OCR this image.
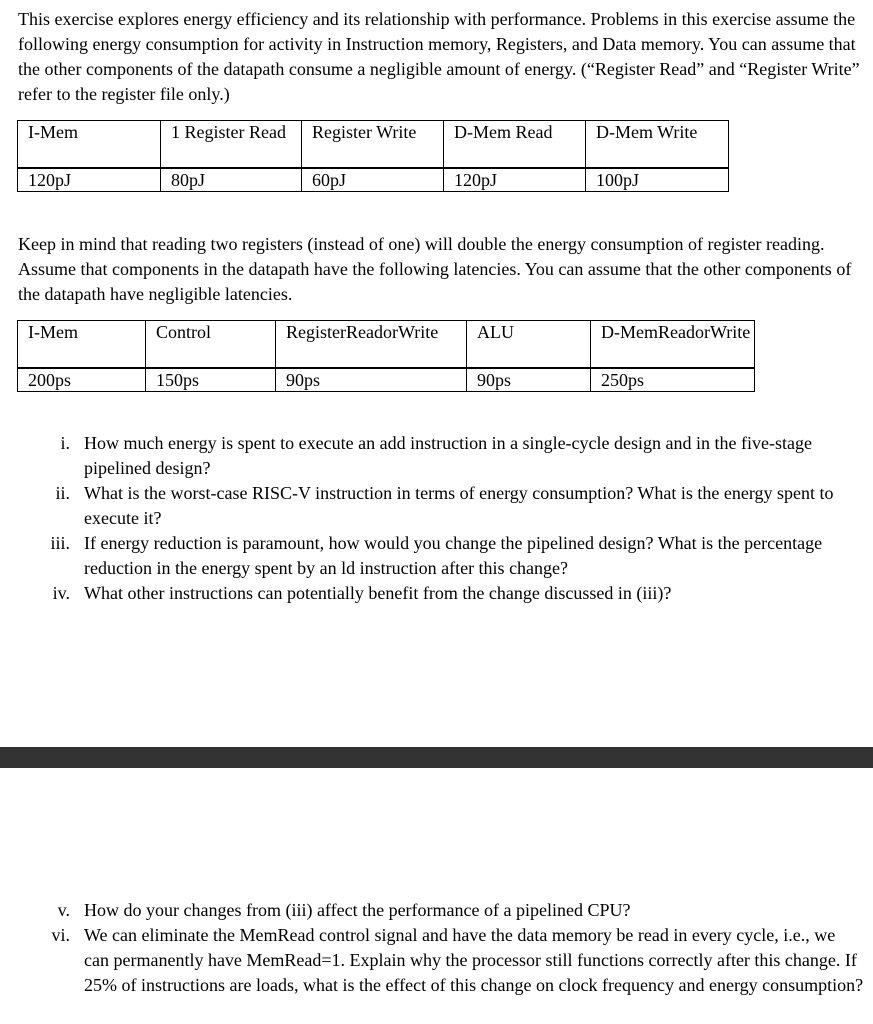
This exercise explores energy efficiency and its relationship with performance. Problems in this exercise assume the following energy consumption for activity in Instruction memory, Registers, and Data memory. You can assume that the other components of the datapath consume a negligible amount of energy. (“Register Read” and “Register Write” refer to the register file only.)

I-Mem	1 Register Read	Register Write	D-Mem Read	D-Mem Write
120pJ	80pJ	60pJ	120pJ	100pJ

Keep in mind that reading two registers (instead of one) will double the energy consumption of register reading. Assume that components in the datapath have the following latencies. You can assume that the other components of the datapath have negligible latencies.

I-Mem	Control	RegisterReadorWrite	ALU	D-MemReadorWrite
200ps	150ps	90ps	90ps	250ps
i. How much energy is spent to execute an add instruction in a single-cycle design and in the five-stage pipelined design?
ii. What is the worst-case RISC-V instruction in terms of energy consumption? What is the energy spent to execute it?
iii. If energy reduction is paramount, how would you change the pipelined design? What is the percentage reduction in the energy spent by an ld instruction after this change?
iv. What other instructions can potentially benefit from the change discussed in (iii)?
v. How do your changes from (iii) affect the performance of a pipelined CPU?
vi. We can eliminate the MemRead control signal and have the data memory be read in every cycle, i.e., we can permanently have MemRead=1. Explain why the processor still functions correctly after this change. If 25% of instructions are loads, what is the effect of this change on clock frequency and energy consumption?
